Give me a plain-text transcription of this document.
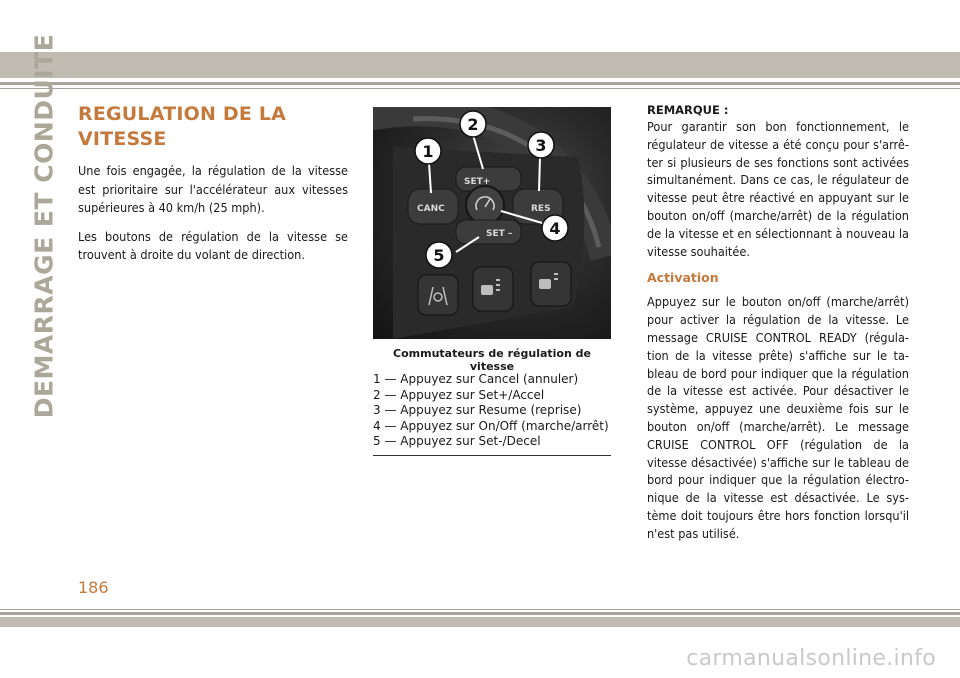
DEMARRAGE ET CONDUITE REGULATION DE LA VITESSE

Une fois engagée, la régulation de la vitesse est prioritaire sur l'accélérateur aux vitesses supérieures à 40 km/h (25 mph).

Les boutons de régulation de la vitesse se trouvent à droite du volant de direction.

SET+
CANC	RES
SET –
1
2
3
4
5
Commutateurs de régulation de vitesse
1 — Appuyez sur Cancel (annuler)
2 — Appuyez sur Set+/Accel
3 — Appuyez sur Resume (reprise)
4 — Appuyez sur On/Off (marche/arrêt)
5 — Appuyez sur Set-/Decel
REMARQUE :

Pour garantir son bon fonctionnement, le régulateur de vitesse a été conçu pour s'arrê-ter si plusieurs de ses fonctions sont activées simultanément. Dans ce cas, le régulateur de vitesse peut être réactivé en appuyant sur le bouton on/off (marche/arrêt) de la régulation de la vitesse et en sélectionnant à nouveau la vitesse souhaitée.

Activation

Appuyez sur le bouton on/off (marche/arrêt) pour activer la régulation de la vitesse. Le message CRUISE CONTROL READY (régula-tion de la vitesse prête) s'affiche sur le ta-bleau de bord pour indiquer que la régulation de la vitesse est activée. Pour désactiver le système, appuyez une deuxième fois sur le bouton on/off (marche/arrêt). Le message CRUISE CONTROL OFF (régulation de la vitesse désactivée) s'affiche sur le tableau de bord pour indiquer que la régulation électro-nique de la vitesse est désactivée. Le sys-tème doit toujours être hors fonction lorsqu'il n'est pas utilisé.

186
carmanualsonline.info
